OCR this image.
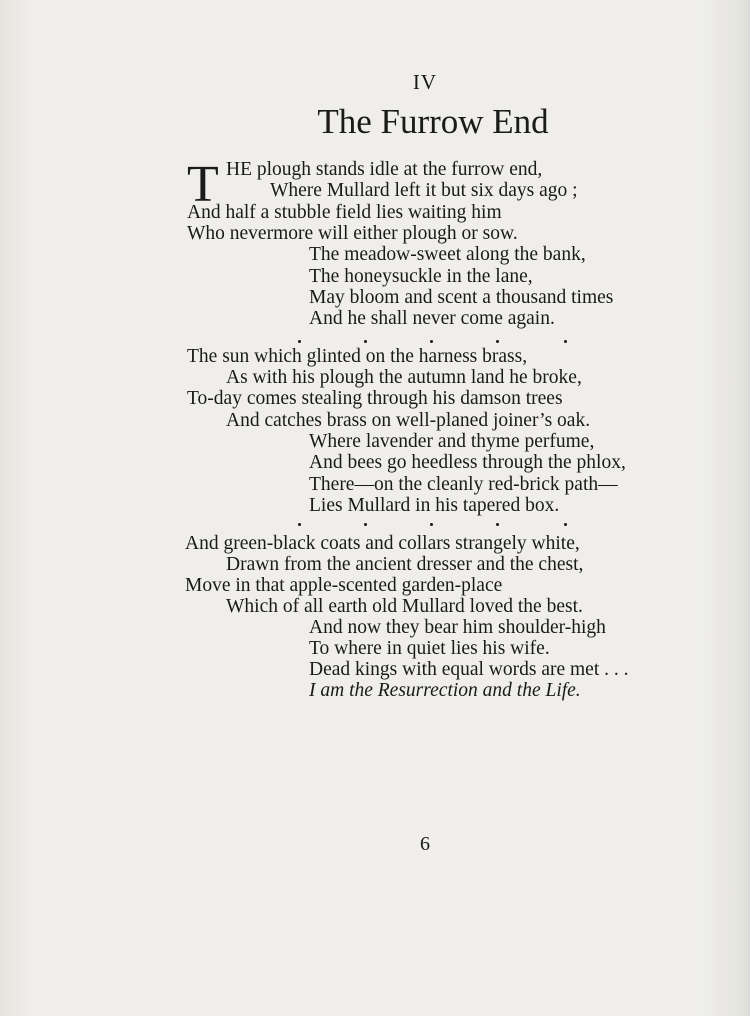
IV
The Furrow End
T HE plough stands idle at the furrow end,
Where Mullard left it but six days ago ;
And half a stubble field lies waiting him
Who nevermore will either plough or sow.
The meadow-sweet along the bank,
The honeysuckle in the lane,
May bloom and scent a thousand times
And he shall never come again.
The sun which glinted on the harness brass,
As with his plough the autumn land he broke,
To-day comes stealing through his damson trees
And catches brass on well-planed joiner’s oak.
Where lavender and thyme perfume,
And bees go heedless through the phlox,
There—on the cleanly red-brick path—
Lies Mullard in his tapered box.
And green-black coats and collars strangely white,
Drawn from the ancient dresser and the chest,
Move in that apple-scented garden-place
Which of all earth old Mullard loved the best.
And now they bear him shoulder-high
To where in quiet lies his wife.
Dead kings with equal words are met . . .
I am the Resurrection and the Life.
6
